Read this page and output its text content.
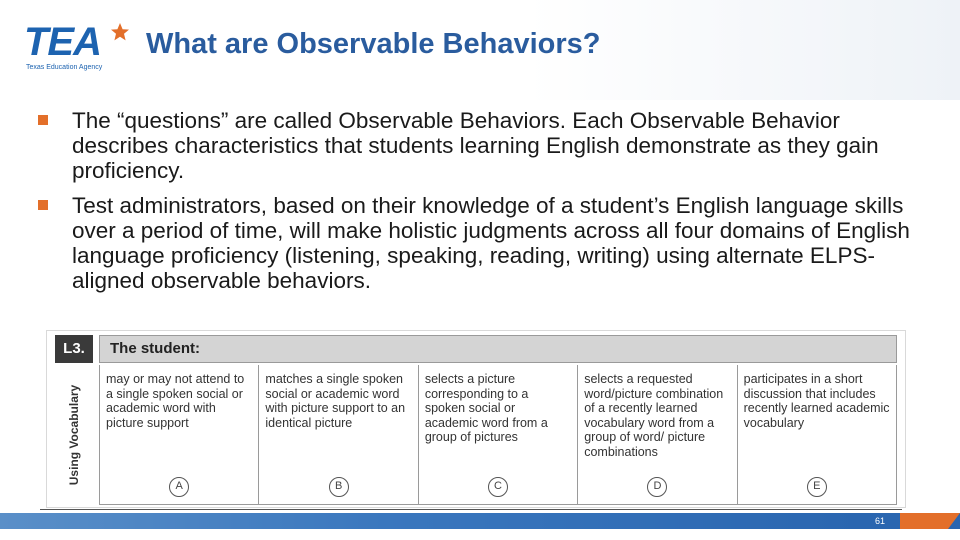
TEA
Texas Education Agency
What are Observable Behaviors?
The “questions” are called Observable Behaviors. Each Observable Behavior describes characteristics that students learning English demonstrate as they gain proficiency.
Test administrators, based on their knowledge of a student’s English language skills over a period of time, will make holistic judgments across all four domains of English language proficiency (listening, speaking, reading, writing) using alternate ELPS-aligned observable behaviors.
L3.	The student:
Using Vocabulary
may or may not attend to a single spoken social or academic word with picture support
A
matches a single spoken social or academic word with picture support to an identical picture
B
selects a picture corresponding to a spoken social or academic word from a group of pictures
C
selects a requested word/picture combination of a recently learned vocabulary word from a group of word/ picture combinations
D
participates in a short discussion that includes recently learned academic vocabulary
E
61
